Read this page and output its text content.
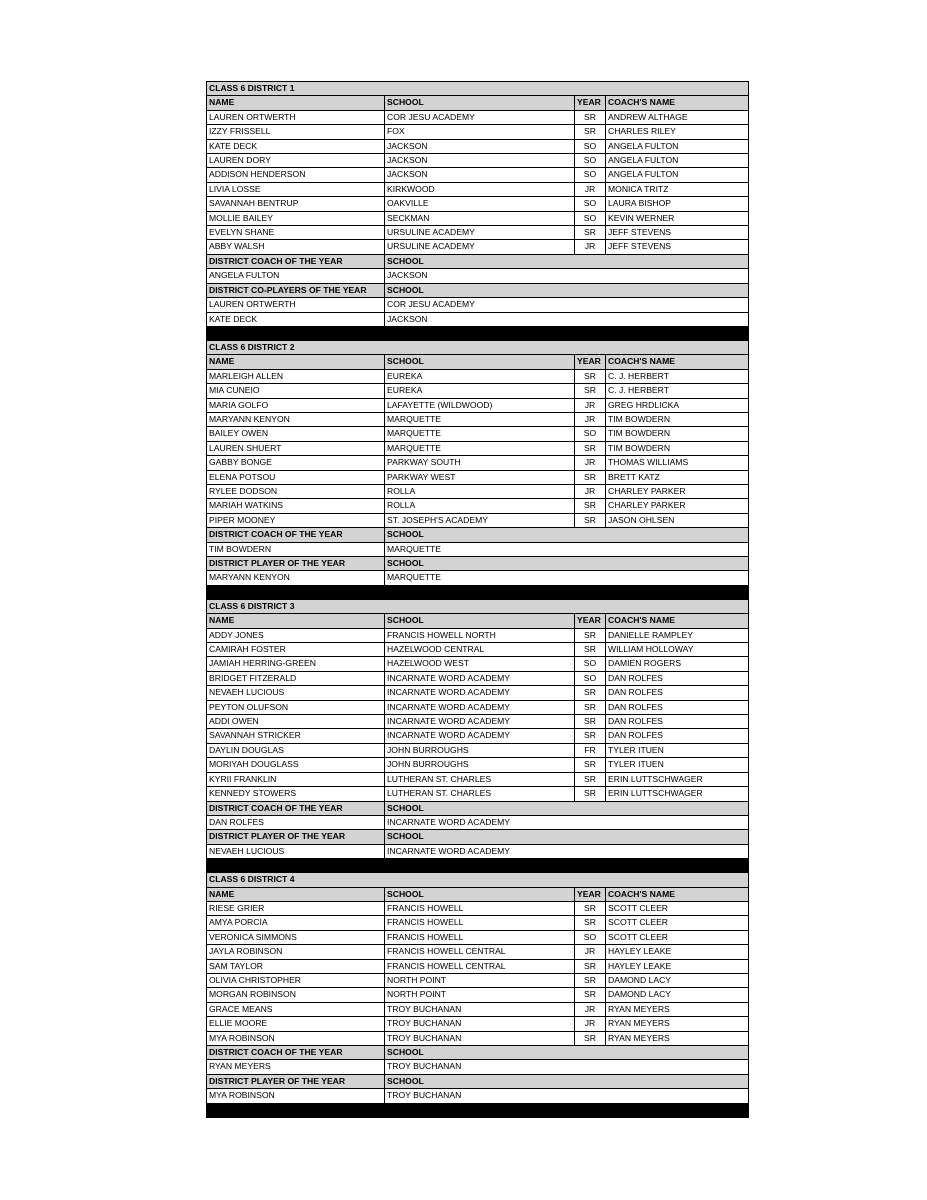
CLASS 6 DISTRICT 1			
NAME	SCHOOL	YEAR	COACH'S NAME
LAUREN ORTWERTH	COR JESU ACADEMY	SR	ANDREW ALTHAGE
IZZY FRISSELL	FOX	SR	CHARLES RILEY
KATE DECK	JACKSON	SO	ANGELA FULTON
LAUREN DORY	JACKSON	SO	ANGELA FULTON
ADDISON HENDERSON	JACKSON	SO	ANGELA FULTON
LIVIA LOSSE	KIRKWOOD	JR	MONICA TRITZ
SAVANNAH BENTRUP	OAKVILLE	SO	LAURA BISHOP
MOLLIE BAILEY	SECKMAN	SO	KEVIN WERNER
EVELYN SHANE	URSULINE ACADEMY	SR	JEFF STEVENS
ABBY WALSH	URSULINE ACADEMY	JR	JEFF STEVENS
DISTRICT COACH OF THE YEAR	SCHOOL		
ANGELA FULTON	JACKSON		
DISTRICT CO-PLAYERS OF THE YEAR	SCHOOL		
LAUREN ORTWERTH	COR JESU ACADEMY		
KATE DECK	JACKSON		

CLASS 6 DISTRICT 2			
NAME	SCHOOL	YEAR	COACH'S NAME
MARLEIGH ALLEN	EUREKA	SR	C. J. HERBERT
MIA CUNEIO	EUREKA	SR	C. J. HERBERT
MARIA GOLFO	LAFAYETTE (WILDWOOD)	JR	GREG HRDLICKA
MARYANN KENYON	MARQUETTE	JR	TIM BOWDERN
BAILEY OWEN	MARQUETTE	SO	TIM BOWDERN
LAUREN SHUERT	MARQUETTE	SR	TIM BOWDERN
GABBY BONGE	PARKWAY SOUTH	JR	THOMAS WILLIAMS
ELENA POTSOU	PARKWAY WEST	SR	BRETT KATZ
RYLEE DODSON	ROLLA	JR	CHARLEY PARKER
MARIAH WATKINS	ROLLA	SR	CHARLEY PARKER
PIPER MOONEY	ST. JOSEPH'S ACADEMY	SR	JASON OHLSEN
DISTRICT COACH OF THE YEAR	SCHOOL		
TIM BOWDERN	MARQUETTE		
DISTRICT PLAYER OF THE YEAR	SCHOOL		
MARYANN KENYON	MARQUETTE		

CLASS 6 DISTRICT 3			
NAME	SCHOOL	YEAR	COACH'S NAME
ADDY JONES	FRANCIS HOWELL NORTH	SR	DANIELLE RAMPLEY
CAMIRAH FOSTER	HAZELWOOD CENTRAL	SR	WILLIAM HOLLOWAY
JAMIAH HERRING-GREEN	HAZELWOOD WEST	SO	DAMIEN ROGERS
BRIDGET FITZERALD	INCARNATE WORD ACADEMY	SO	DAN ROLFES
NEVAEH LUCIOUS	INCARNATE WORD ACADEMY	SR	DAN ROLFES
PEYTON OLUFSON	INCARNATE WORD ACADEMY	SR	DAN ROLFES
ADDI OWEN	INCARNATE WORD ACADEMY	SR	DAN ROLFES
SAVANNAH STRICKER	INCARNATE WORD ACADEMY	SR	DAN ROLFES
DAYLIN DOUGLAS	JOHN BURROUGHS	FR	TYLER ITUEN
MORIYAH DOUGLASS	JOHN BURROUGHS	SR	TYLER ITUEN
KYRII FRANKLIN	LUTHERAN ST. CHARLES	SR	ERIN LUTTSCHWAGER
KENNEDY STOWERS	LUTHERAN ST. CHARLES	SR	ERIN LUTTSCHWAGER
DISTRICT COACH OF THE YEAR	SCHOOL		
DAN ROLFES	INCARNATE WORD ACADEMY		
DISTRICT PLAYER OF THE YEAR	SCHOOL		
NEVAEH LUCIOUS	INCARNATE WORD ACADEMY		

CLASS 6 DISTRICT 4			
NAME	SCHOOL	YEAR	COACH'S NAME
RIESE GRIER	FRANCIS HOWELL	SR	SCOTT CLEER
AMYA PORCIA	FRANCIS HOWELL	SR	SCOTT CLEER
VERONICA SIMMONS	FRANCIS HOWELL	SO	SCOTT CLEER
JAYLA ROBINSON	FRANCIS HOWELL CENTRAL	JR	HAYLEY LEAKE
SAM TAYLOR	FRANCIS HOWELL CENTRAL	SR	HAYLEY LEAKE
OLIVIA CHRISTOPHER	NORTH POINT	SR	DAMOND LACY
MORGAN ROBINSON	NORTH POINT	SR	DAMOND LACY
GRACE MEANS	TROY BUCHANAN	JR	RYAN MEYERS
ELLIE MOORE	TROY BUCHANAN	JR	RYAN MEYERS
MYA ROBINSON	TROY BUCHANAN	SR	RYAN MEYERS
DISTRICT COACH OF THE YEAR	SCHOOL		
RYAN MEYERS	TROY BUCHANAN		
DISTRICT PLAYER OF THE YEAR	SCHOOL		
MYA ROBINSON	TROY BUCHANAN		
